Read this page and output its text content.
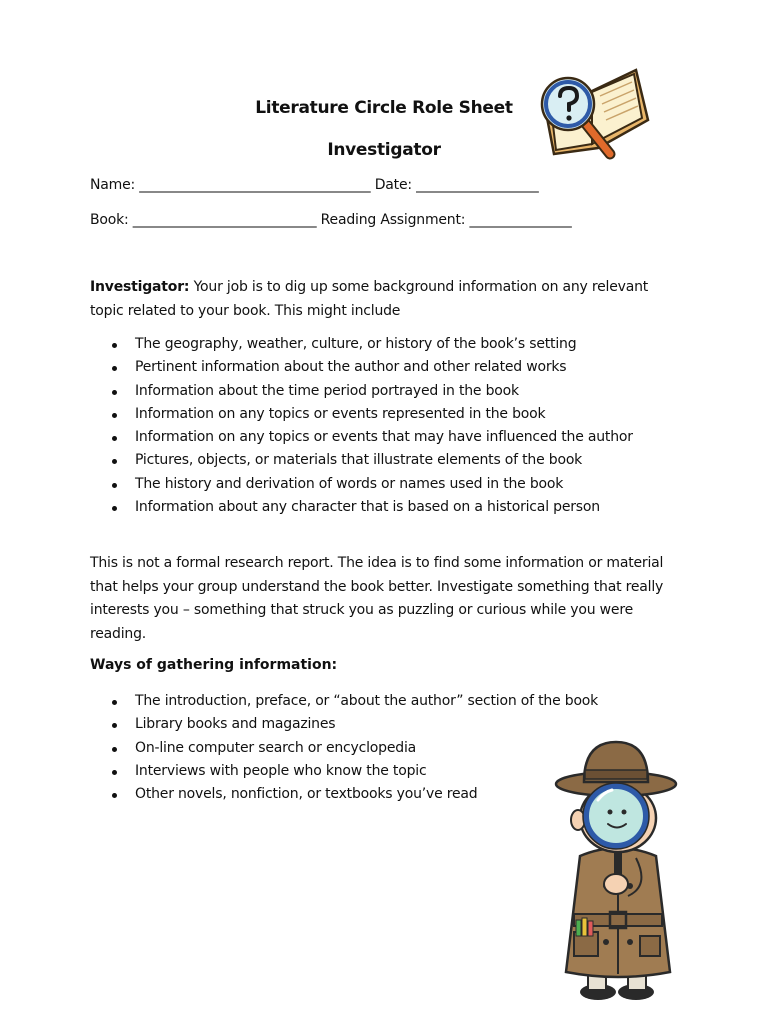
Literature Circle Role Sheet
Investigator
Name: __________________________________ Date: __________________
Book: ___________________________ Reading Assignment: _______________
Investigator: Your job is to dig up some background information on any relevant topic related to your book. This might include
The geography, weather, culture, or history of the book’s setting
Pertinent information about the author and other related works
Information about the time period portrayed in the book
Information on any topics or events represented in the book
Information on any topics or events that may have influenced the author
Pictures, objects, or materials that illustrate elements of the book
The history and derivation of words or names used in the book
Information about any character that is based on a historical person
This is not a formal research report. The idea is to find some information or material that helps your group understand the book better. Investigate something that really interests you – something that struck you as puzzling or curious while you were reading.
Ways of gathering information:
The introduction, preface, or “about the author” section of the book
Library books and magazines
On-line computer search or encyclopedia
Interviews with people who know the topic
Other novels, nonfiction, or textbooks you’ve read
